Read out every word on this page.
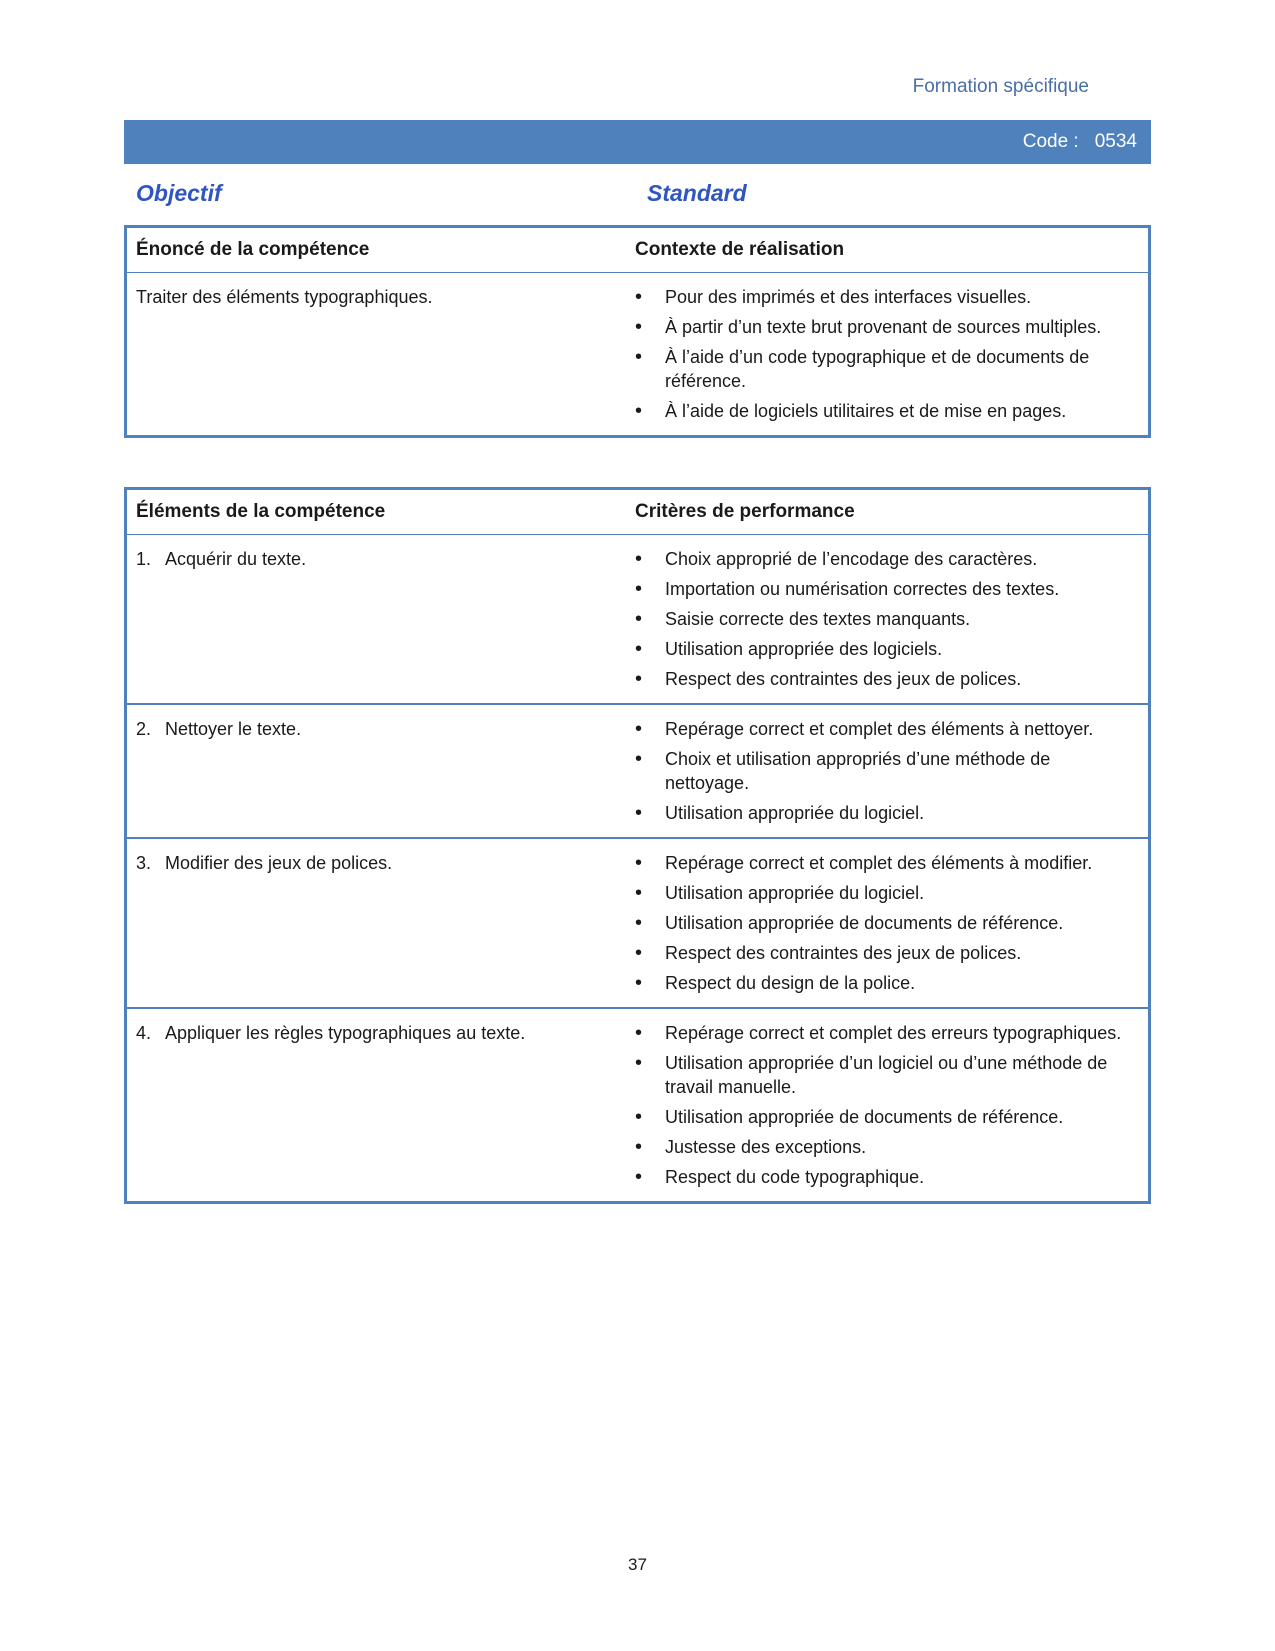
Formation spécifique
Code : 0534
Objectif	Standard
Énoncé de la compétence	Contexte de réalisation
Traiter des éléments typographiques.	• Pour des imprimés et des interfaces visuelles.
• À partir d’un texte brut provenant de sources multiples.
• À l’aide d’un code typographique et de documents de référence.
• À l’aide de logiciels utilitaires et de mise en pages.
Éléments de la compétence	Critères de performance
1. Acquérir du texte.	• Choix approprié de l’encodage des caractères.
• Importation ou numérisation correctes des textes.
• Saisie correcte des textes manquants.
• Utilisation appropriée des logiciels.
• Respect des contraintes des jeux de polices.
2. Nettoyer le texte.	• Repérage correct et complet des éléments à nettoyer.
• Choix et utilisation appropriés d’une méthode de nettoyage.
• Utilisation appropriée du logiciel.
3. Modifier des jeux de polices.	• Repérage correct et complet des éléments à modifier.
• Utilisation appropriée du logiciel.
• Utilisation appropriée de documents de référence.
• Respect des contraintes des jeux de polices.
• Respect du design de la police.
4. Appliquer les règles typographiques au texte.	• Repérage correct et complet des erreurs typographiques.
• Utilisation appropriée d’un logiciel ou d’une méthode de travail manuelle.
• Utilisation appropriée de documents de référence.
• Justesse des exceptions.
• Respect du code typographique.
37
